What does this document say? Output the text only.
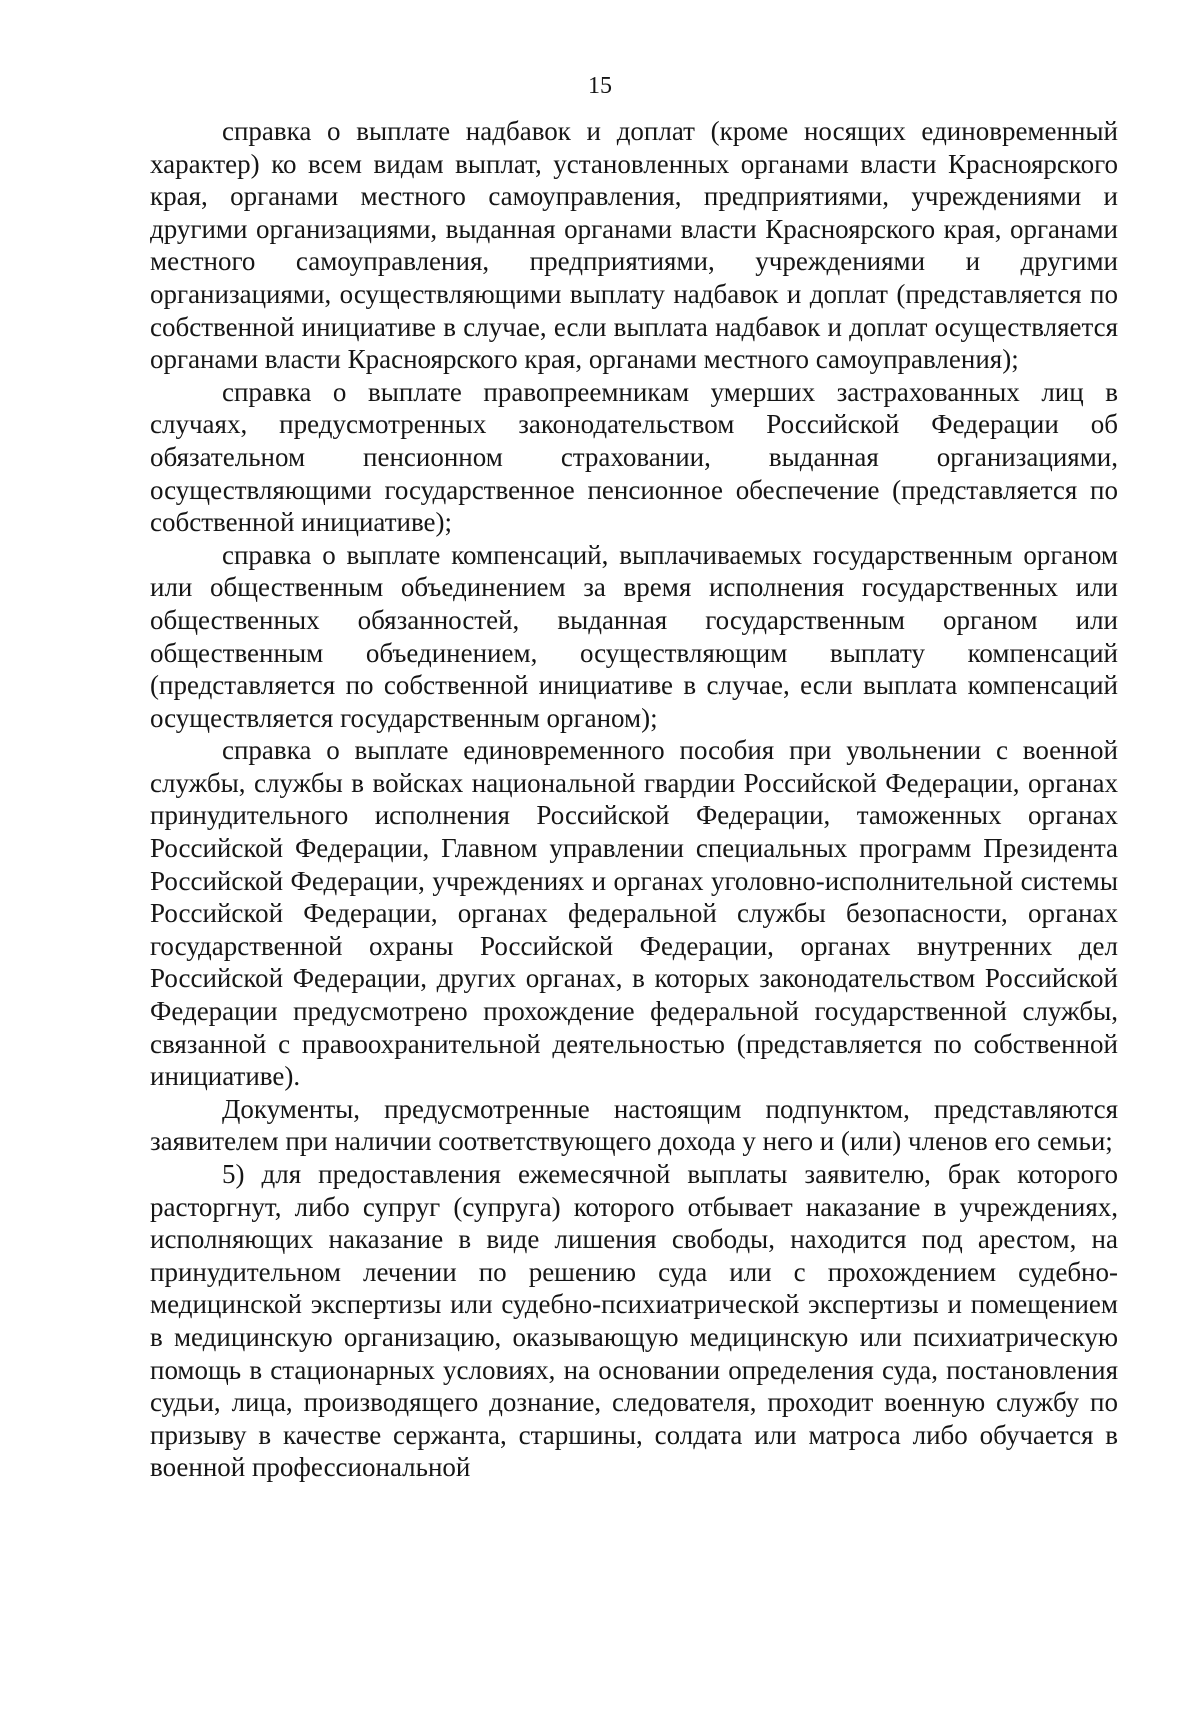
15

справка о выплате надбавок и доплат (кроме носящих единовременный характер) ко всем видам выплат, установленных органами власти Красноярского края, органами местного самоуправления, предприятиями, учреждениями и другими организациями, выданная органами власти Красноярского края, органами местного самоуправления, предприятиями, учреждениями и другими организациями, осуществляющими выплату надбавок и доплат (представляется по собственной инициативе в случае, если выплата надбавок и доплат осуществляется органами власти Красноярского края, органами местного самоуправления);

справка о выплате правопреемникам умерших застрахованных лиц в случаях, предусмотренных законодательством Российской Федерации об обязательном пенсионном страховании, выданная организациями, осуществляющими государственное пенсионное обеспечение (представляется по собственной инициативе);

справка о выплате компенсаций, выплачиваемых государственным органом или общественным объединением за время исполнения государственных или общественных обязанностей, выданная государственным органом или общественным объединением, осуществляющим выплату компенсаций (представляется по собственной инициативе в случае, если выплата компенсаций осуществляется государственным органом);

справка о выплате единовременного пособия при увольнении с военной службы, службы в войсках национальной гвардии Российской Федерации, органах принудительного исполнения Российской Федерации, таможенных органах Российской Федерации, Главном управлении специальных программ Президента Российской Федерации, учреждениях и органах уголовно-исполнительной системы Российской Федерации, органах федеральной службы безопасности, органах государственной охраны Российской Федерации, органах внутренних дел Российской Федерации, других органах, в которых законодательством Российской Федерации предусмотрено прохождение федеральной государственной службы, связанной с правоохранительной деятельностью (представляется по собственной инициативе).

Документы, предусмотренные настоящим подпунктом, представляются заявителем при наличии соответствующего дохода у него и (или) членов его семьи;

5) для предоставления ежемесячной выплаты заявителю, брак которого расторгнут, либо супруг (супруга) которого отбывает наказание в учреждениях, исполняющих наказание в виде лишения свободы, находится под арестом, на принудительном лечении по решению суда или с прохождением судебно-медицинской экспертизы или судебно-психиатрической экспертизы и помещением в медицинскую организацию, оказывающую медицинскую или психиатрическую помощь в стационарных условиях, на основании определения суда, постановления судьи, лица, производящего дознание, следователя, проходит военную службу по призыву в качестве сержанта, старшины, солдата или матроса либо обучается в военной профессиональной
